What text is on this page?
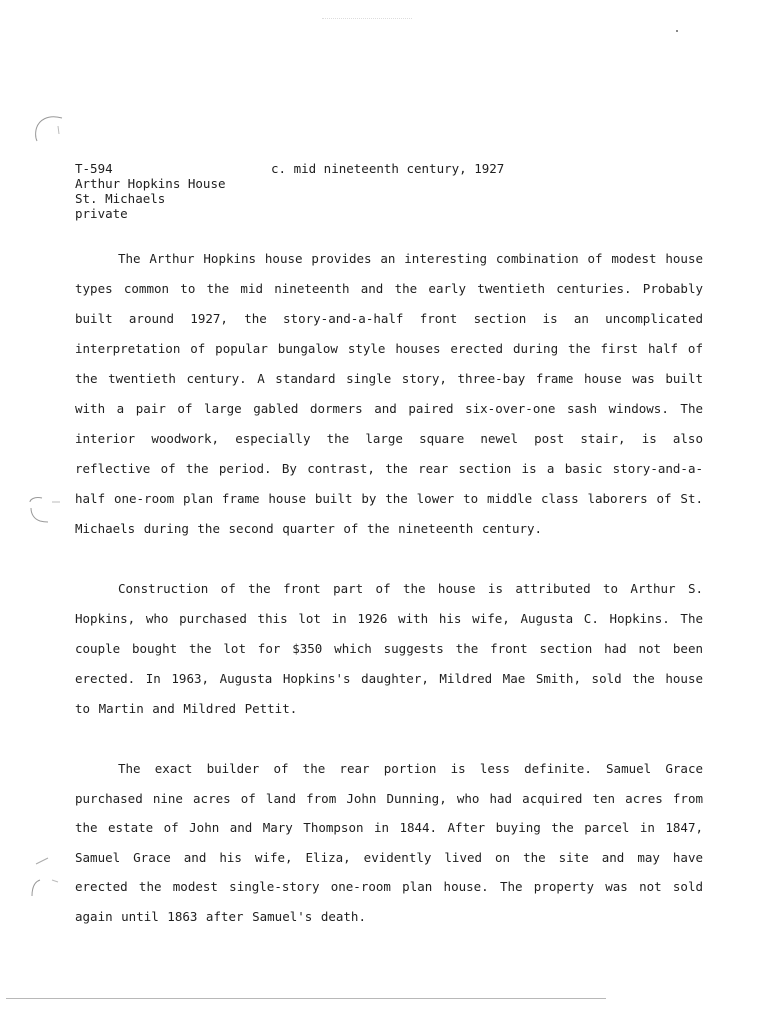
T-594
Arthur Hopkins House
St. Michaels
private
c. mid nineteenth century, 1927

The Arthur Hopkins house provides an interesting combination of modest house types common to the mid nineteenth and the early twentieth centuries. Probably built around 1927, the story-and-a-half front section is an uncomplicated interpretation of popular bungalow style houses erected during the first half of the twentieth century. A standard single story, three-bay frame house was built with a pair of large gabled dormers and paired six-over-one sash windows. The interior woodwork, especially the large square newel post stair, is also reflective of the period. By contrast, the rear section is a basic story-and-a-half one-room plan frame house built by the lower to middle class laborers of St. Michaels during the second quarter of the nineteenth century.

Construction of the front part of the house is attributed to Arthur S. Hopkins, who purchased this lot in 1926 with his wife, Augusta C. Hopkins. The couple bought the lot for $350 which suggests the front section had not been erected. In 1963, Augusta Hopkins's daughter, Mildred Mae Smith, sold the house to Martin and Mildred Pettit.

The exact builder of the rear portion is less definite. Samuel Grace purchased nine acres of land from John Dunning, who had acquired ten acres from the estate of John and Mary Thompson in 1844. After buying the parcel in 1847, Samuel Grace and his wife, Eliza, evidently lived on the site and may have erected the modest single-story one-room plan house. The property was not sold again until 1863 after Samuel's death.
